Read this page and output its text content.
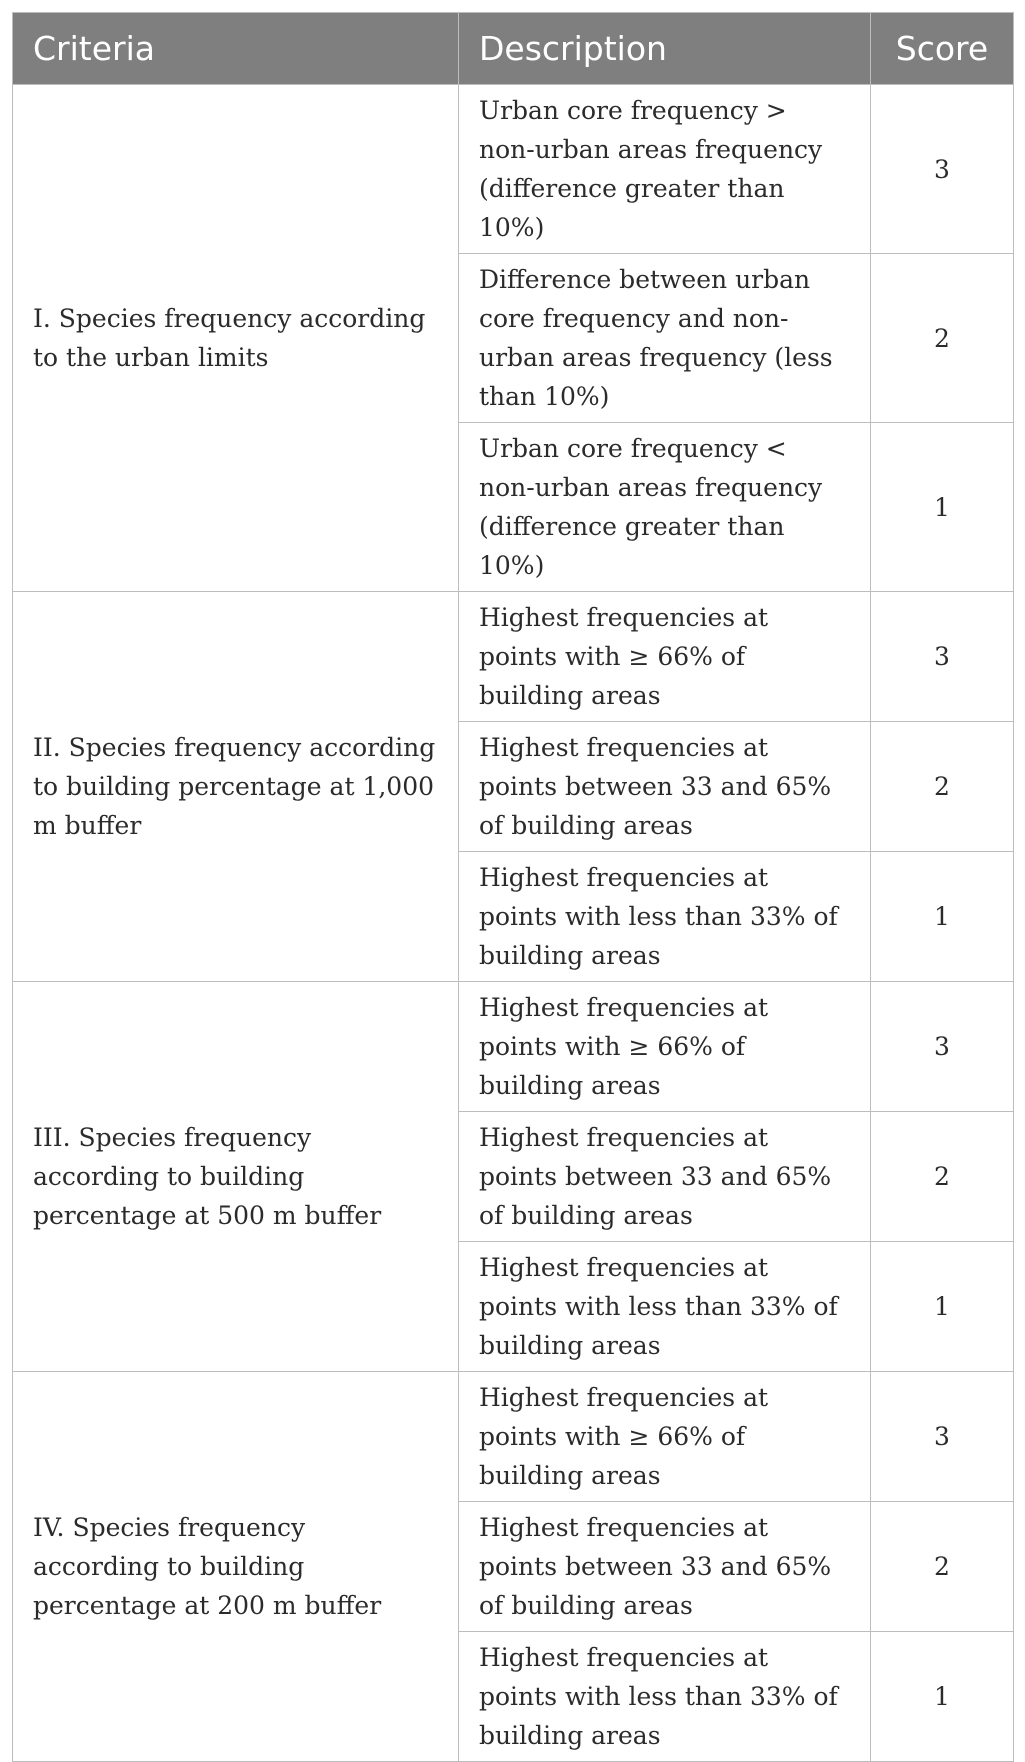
Criteria	Description	Score
I. Species frequency according to the urban limits	Urban core frequency > non-urban areas frequency (difference greater than 10%)	3
	Difference between urban core frequency and non-urban areas frequency (less than 10%)	2
	Urban core frequency < non-urban areas frequency (difference greater than 10%)	1
II. Species frequency according to building percentage at 1,000 m buffer	Highest frequencies at points with ≥ 66% of building areas	3
	Highest frequencies at points between 33 and 65% of building areas	2
	Highest frequencies at points with less than 33% of building areas	1
III. Species frequency according to building percentage at 500 m buffer	Highest frequencies at points with ≥ 66% of building areas	3
	Highest frequencies at points between 33 and 65% of building areas	2
	Highest frequencies at points with less than 33% of building areas	1
IV. Species frequency according to building percentage at 200 m buffer	Highest frequencies at points with ≥ 66% of building areas	3
	Highest frequencies at points between 33 and 65% of building areas	2
	Highest frequencies at points with less than 33% of building areas	1
